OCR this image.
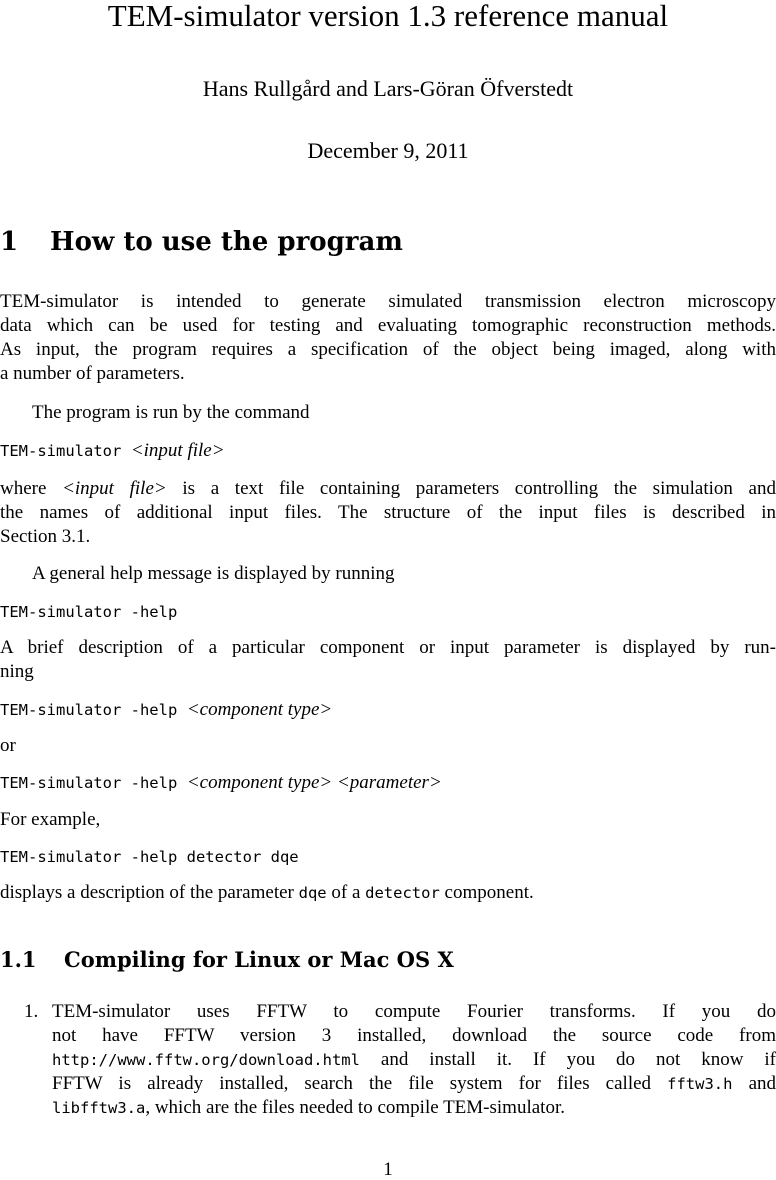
TEM-simulator version 1.3 reference manual
Hans Rullgård and Lars-Göran Öfverstedt
December 9, 2011
1 How to use the program
TEM-simulator is intended to generate simulated transmission electron microscopy
data which can be used for testing and evaluating tomographic reconstruction methods.
As input, the program requires a specification of the object being imaged, along with
a number of parameters.
The program is run by the command
TEM-simulator <input file>
where <input file> is a text file containing parameters controlling the simulation and
the names of additional input files. The structure of the input files is described in
Section 3.1.
A general help message is displayed by running
TEM-simulator -help
A brief description of a particular component or input parameter is displayed by run-
ning
TEM-simulator -help <component type>
or
TEM-simulator -help <component type> <parameter>
For example,
TEM-simulator -help detector dqe
displays a description of the parameter dqe of a detector component.
1.1 Compiling for Linux or Mac OS X
1. TEM-simulator uses FFTW to compute Fourier transforms. If you do
not have FFTW version 3 installed, download the source code from
http://www.fftw.org/download.html and install it. If you do not know if
FFTW is already installed, search the file system for files called fftw3.h and
libfftw3.a, which are the files needed to compile TEM-simulator.
1
